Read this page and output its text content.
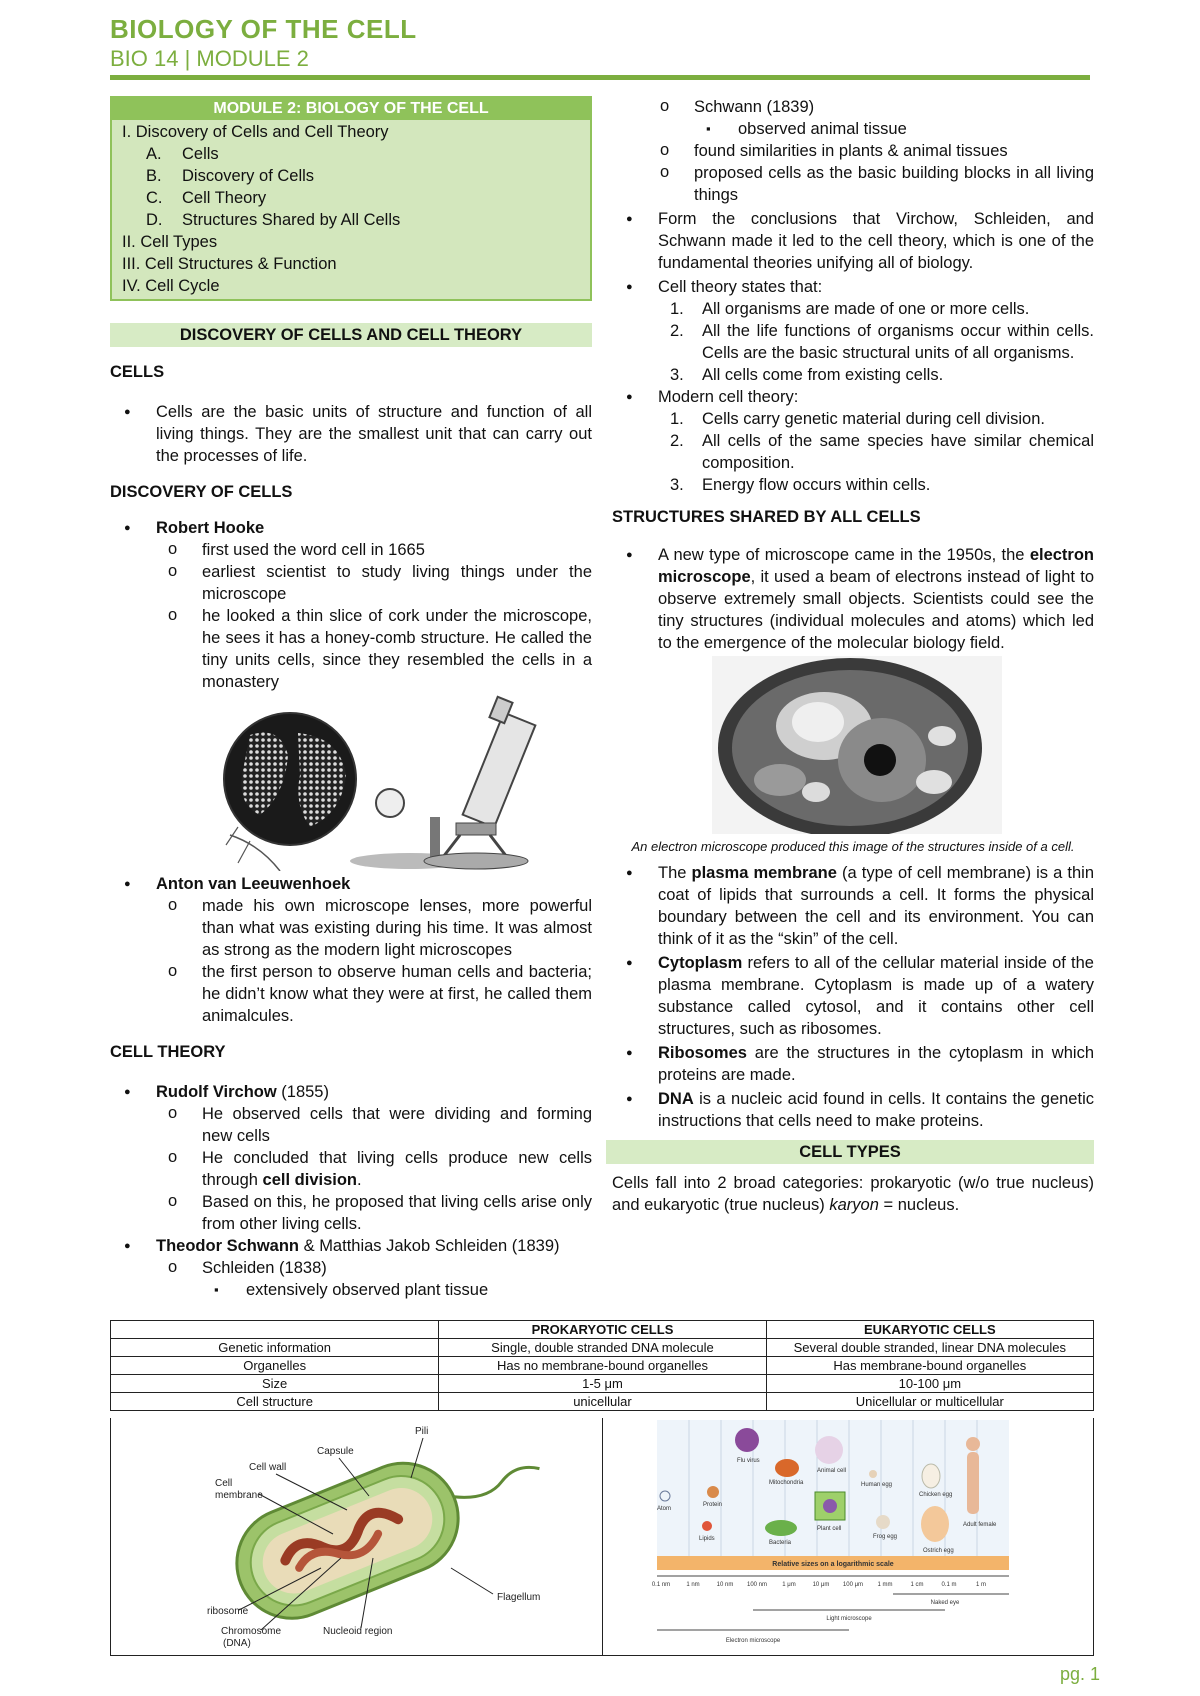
BIOLOGY OF THE CELL
BIO 14 | MODULE 2
MODULE 2: BIOLOGY OF THE CELL
I. Discovery of Cells and Cell Theory
A. Cells
B. Discovery of Cells
C. Cell Theory
D. Structures Shared by All Cells
II. Cell Types
III. Cell Structures & Function
IV. Cell Cycle
DISCOVERY OF CELLS AND CELL THEORY
CELLS
● Cells are the basic units of structure and function of all living things. They are the smallest unit that can carry out the processes of life.
DISCOVERY OF CELLS
● Robert Hooke
o first used the word cell in 1665
o earliest scientist to study living things under the microscope
o he looked a thin slice of cork under the microscope, he sees it has a honey-comb structure. He called the tiny units cells, since they resembled the cells in a monastery
● Anton van Leeuwenhoek
o made his own microscope lenses, more powerful than what was existing during his time. It was almost as strong as the modern light microscopes
o the first person to observe human cells and bacteria; he didn’t know what they were at first, he called them animalcules.
CELL THEORY
● Rudolf Virchow (1855)
o He observed cells that were dividing and forming new cells
o He concluded that living cells produce new cells through cell division.
o Based on this, he proposed that living cells arise only from other living cells.
● Theodor Schwann & Matthias Jakob Schleiden (1839)
o Schleiden (1838)
▪ extensively observed plant tissue
o Schwann (1839)
▪ observed animal tissue
o found similarities in plants & animal tissues
o proposed cells as the basic building blocks in all living things
● Form the conclusions that Virchow, Schleiden, and Schwann made it led to the cell theory, which is one of the fundamental theories unifying all of biology.
● Cell theory states that:
1. All organisms are made of one or more cells.
2. All the life functions of organisms occur within cells. Cells are the basic structural units of all organisms.
3. All cells come from existing cells.
● Modern cell theory:
1. Cells carry genetic material during cell division.
2. All cells of the same species have similar chemical composition.
3. Energy flow occurs within cells.
STRUCTURES SHARED BY ALL CELLS
● A new type of microscope came in the 1950s, the electron microscope, it used a beam of electrons instead of light to observe extremely small objects. Scientists could see the tiny structures (individual molecules and atoms) which led to the emergence of the molecular biology field.
An electron microscope produced this image of the structures inside of a cell.
● The plasma membrane (a type of cell membrane) is a thin coat of lipids that surrounds a cell. It forms the physical boundary between the cell and its environment. You can think of it as the “skin” of the cell.
● Cytoplasm refers to all of the cellular material inside of the plasma membrane. Cytoplasm is made up of a watery substance called cytosol, and it contains other cell structures, such as ribosomes.
● Ribosomes are the structures in the cytoplasm in which proteins are made.
● DNA is a nucleic acid found in cells. It contains the genetic instructions that cells need to make proteins.
CELL TYPES
Cells fall into 2 broad categories: prokaryotic (w/o true nucleus) and eukaryotic (true nucleus) karyon = nucleus.
	PROKARYOTIC CELLS	EUKARYOTIC CELLS
Genetic information	Single, double stranded DNA molecule	Several double stranded, linear DNA molecules
Organelles	Has no membrane-bound organelles	Has membrane-bound organelles
Size	1-5 μm	10-100 μm
Cell structure	unicellular	Unicellular or multicellular
Pili
Capsule
Cell wall
Cell
membrane
Flagellum
ribosome
Chromosome
(DNA)
Nucleoid region
Atom
Protein
Lipids
Flu virus
Mitochondria
Bacteria
Animal cell
Plant cell
Human egg
Frog egg
Chicken egg
Ostrich egg
Adult female
Relative sizes on a logarithmic scale
0.1 nm	1 nm	10 nm 100 nm	1 μm	10 μm 100 μm 1 mm	1 cm	0.1 m	1 m
Naked eye
Light microscope
Electron microscope
pg. 1
